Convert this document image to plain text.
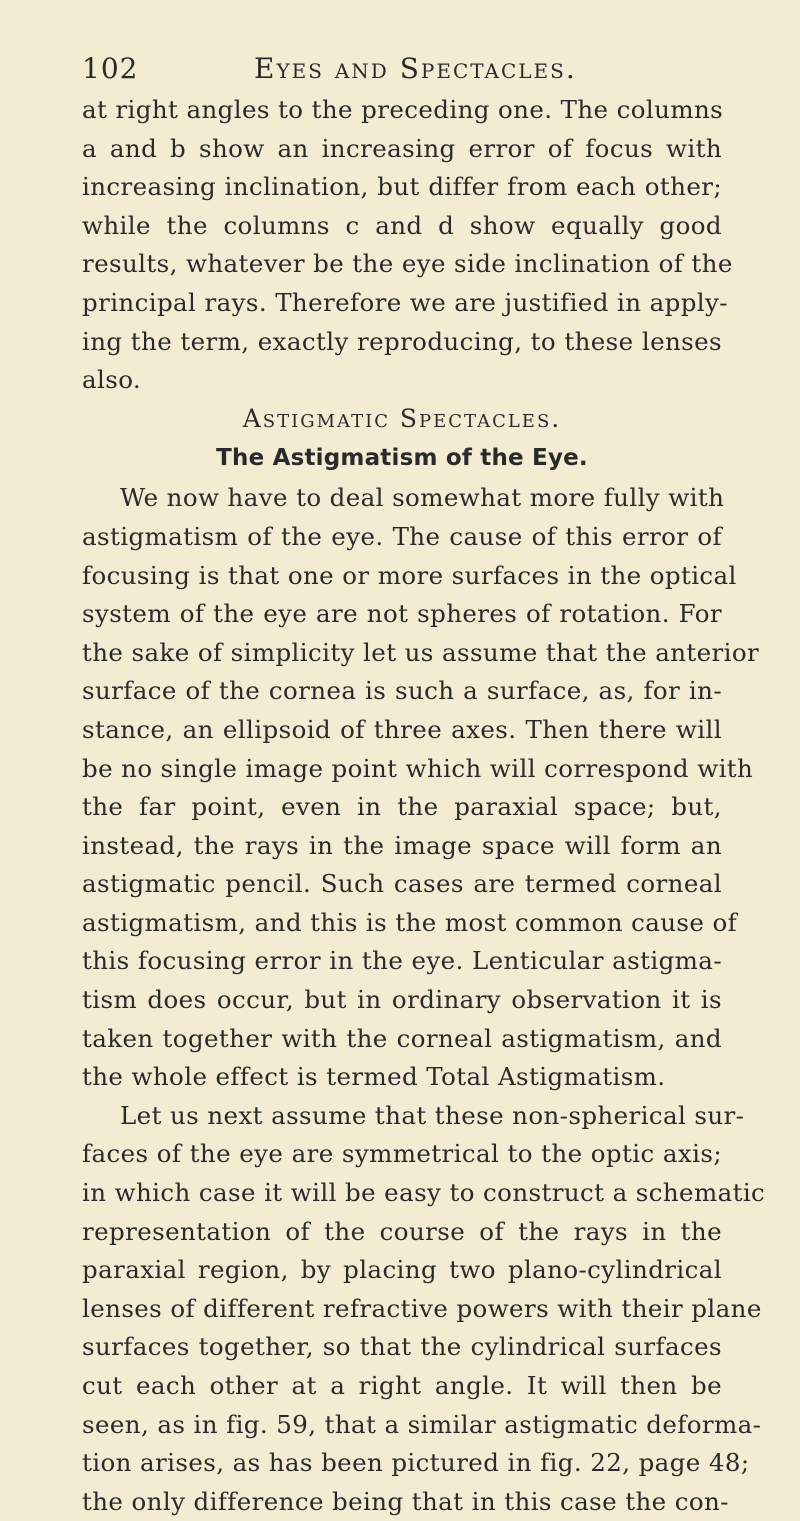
102	Eyes and Spectacles.
at right angles to the preceding one. The columns
a and b show an increasing error of focus with
increasing inclination, but differ from each other;
while the columns c and d show equally good
results, whatever be the eye side inclination of the
principal rays. Therefore we are justified in apply-
ing the term, exactly reproducing, to these lenses
also.
Astigmatic Spectacles.
The Astigmatism of the Eye.
We now have to deal somewhat more fully with
astigmatism of the eye. The cause of this error of
focusing is that one or more surfaces in the optical
system of the eye are not spheres of rotation. For
the sake of simplicity let us assume that the anterior
surface of the cornea is such a surface, as, for in-
stance, an ellipsoid of three axes. Then there will
be no single image point which will correspond with
the far point, even in the paraxial space; but,
instead, the rays in the image space will form an
astigmatic pencil. Such cases are termed corneal
astigmatism, and this is the most common cause of
this focusing error in the eye. Lenticular astigma-
tism does occur, but in ordinary observation it is
taken together with the corneal astigmatism, and
the whole effect is termed Total Astigmatism.
Let us next assume that these non-spherical sur-
faces of the eye are symmetrical to the optic axis;
in which case it will be easy to construct a schematic
representation of the course of the rays in the
paraxial region, by placing two plano-cylindrical
lenses of different refractive powers with their plane
surfaces together, so that the cylindrical surfaces
cut each other at a right angle. It will then be
seen, as in fig. 59, that a similar astigmatic deforma-
tion arises, as has been pictured in fig. 22, page 48;
the only difference being that in this case the con-
